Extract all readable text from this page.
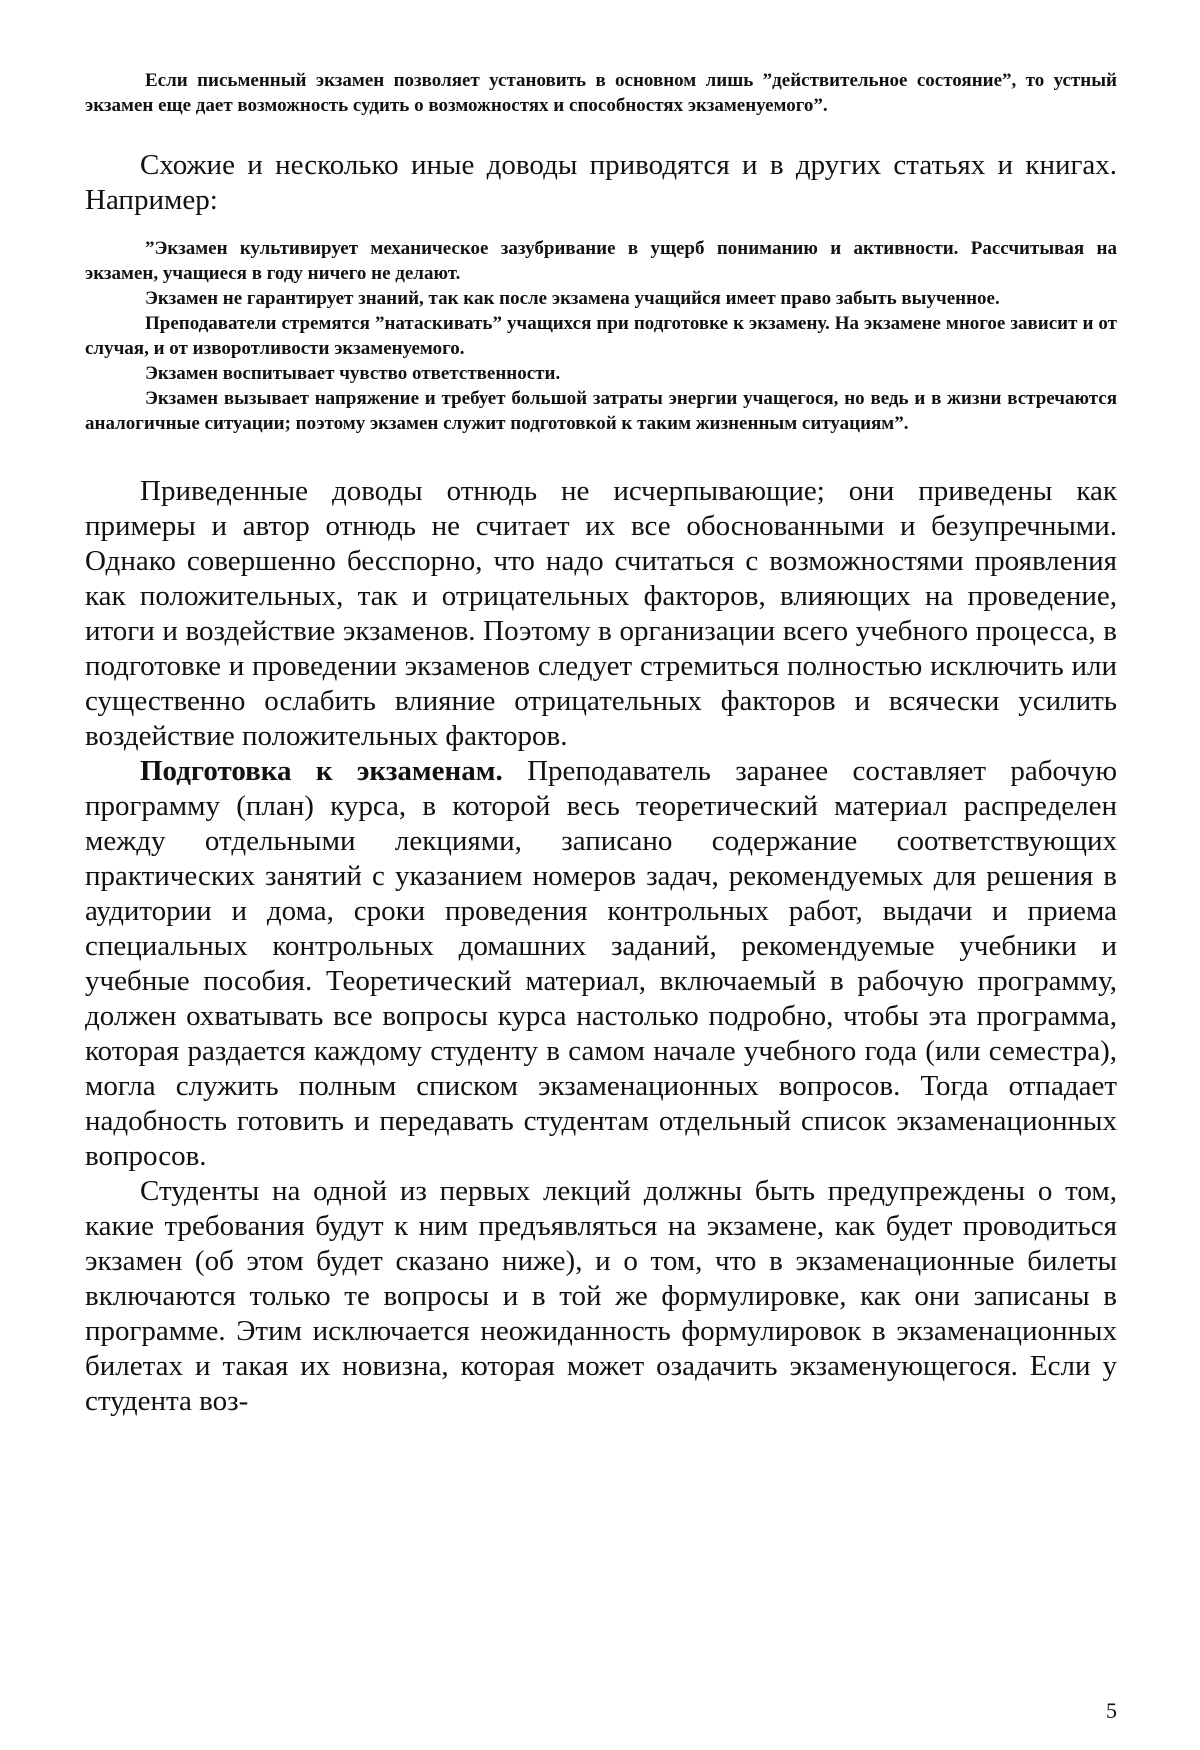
Если письменный экзамен позволяет установить в основном лишь ”действительное состояние”, то устный экзамен еще дает возможность судить о возможностях и способностях экзаменуемого”.

Схожие и несколько иные доводы приводятся и в других статьях и книгах. Например:

”Экзамен культивирует механическое зазубривание в ущерб пониманию и активности. Рассчитывая на экзамен, учащиеся в году ничего не делают.

Экзамен не гарантирует знаний, так как после экзамена учащийся имеет право забыть выученное.

Преподаватели стремятся ”натаскивать” учащихся при подготовке к экзамену. На экзамене многое зависит и от случая, и от изворотливости экзаменуемого.

Экзамен воспитывает чувство ответственности.

Экзамен вызывает напряжение и требует большой затраты энергии учащегося, но ведь и в жизни встречаются аналогичные ситуации; поэтому экзамен служит подготовкой к таким жизненным ситуациям”.

Приведенные доводы отнюдь не исчерпывающие; они приведены как примеры и автор отнюдь не считает их все обоснованными и безупречными. Однако совершенно бесспорно, что надо считаться с возможностями проявления как положительных, так и отрицательных факторов, влияющих на проведение, итоги и воздействие экзаменов. Поэтому в организации всего учебного процесса, в подготовке и проведении экзаменов следует стремиться полностью исключить или существенно ослабить влияние отрицательных факторов и всячески усилить воздействие положительных факторов.

Подготовка к экзаменам. Преподаватель заранее составляет рабочую программу (план) курса, в которой весь теоретический материал распределен между отдельными лекциями, записано содержание соответствующих практических занятий с указанием номеров задач, рекомендуемых для решения в аудитории и дома, сроки проведения контрольных работ, выдачи и приема специальных контрольных домашних заданий, рекомендуемые учебники и учебные пособия. Теоретический материал, включаемый в рабочую программу, должен охватывать все вопросы курса настолько подробно, чтобы эта программа, которая раздается каждому студенту в самом начале учебного года (или семестра), могла служить полным списком экзаменационных вопросов. Тогда отпадает надобность готовить и передавать студентам отдельный список экзаменационных вопросов.

Студенты на одной из первых лекций должны быть предупреждены о том, какие требования будут к ним предъявляться на экзамене, как будет проводиться экзамен (об этом будет сказано ниже), и о том, что в экзаменационные билеты включаются только те вопросы и в той же формулировке, как они записаны в программе. Этим исключается неожиданность формулировок в экзаменационных билетах и такая их новизна, которая может озадачить экзаменующегося. Если у студента воз-

5
